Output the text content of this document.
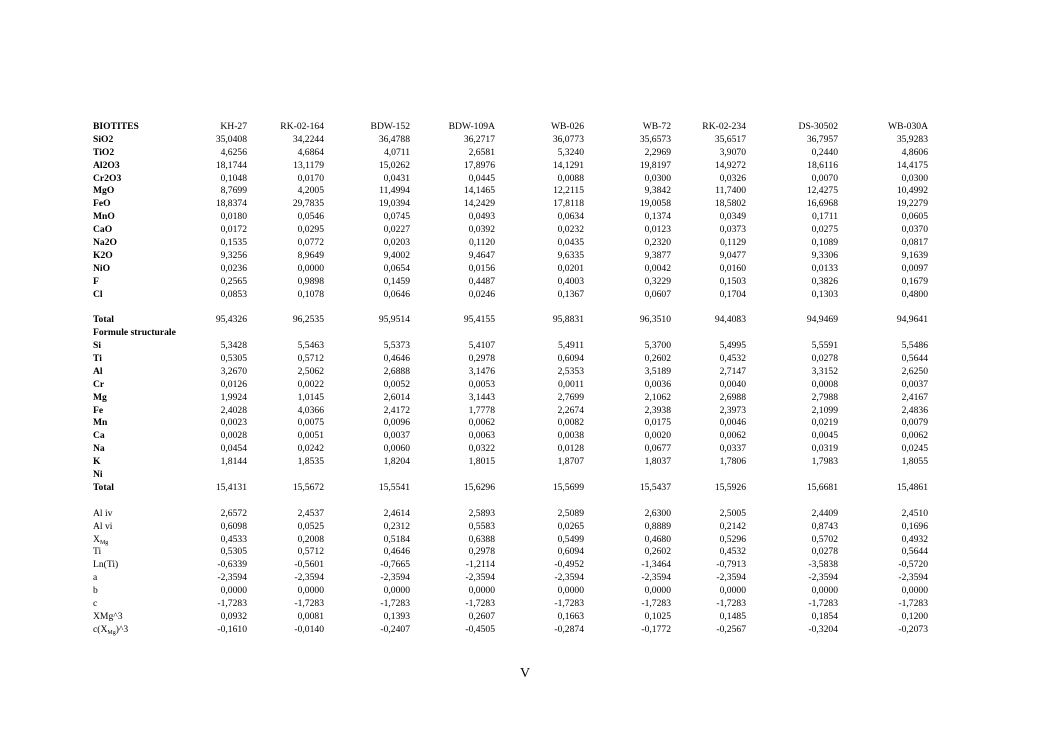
BIOTITES	KH-27	RK-02-164	BDW-152	BDW-109A	WB-026	WB-72	RK-02-234	DS-30502	WB-030A
SiO2	35,0408	34,2244	36,4788	36,2717	36,0773	35,6573	35,6517	36,7957	35,9283
TiO2	4,6256	4,6864	4,0711	2,6581	5,3240	2,2969	3,9070	0,2440	4,8606
Al2O3	18,1744	13,1179	15,0262	17,8976	14,1291	19,8197	14,9272	18,6116	14,4175
Cr2O3	0,1048	0,0170	0,0431	0,0445	0,0088	0,0300	0,0326	0,0070	0,0300
MgO	8,7699	4,2005	11,4994	14,1465	12,2115	9,3842	11,7400	12,4275	10,4992
FeO	18,8374	29,7835	19,0394	14,2429	17,8118	19,0058	18,5802	16,6968	19,2279
MnO	0,0180	0,0546	0,0745	0,0493	0,0634	0,1374	0,0349	0,1711	0,0605
CaO	0,0172	0,0295	0,0227	0,0392	0,0232	0,0123	0,0373	0,0275	0,0370
Na2O	0,1535	0,0772	0,0203	0,1120	0,0435	0,2320	0,1129	0,1089	0,0817
K2O	9,3256	8,9649	9,4002	9,4647	9,6335	9,3877	9,0477	9,3306	9,1639
NiO	0,0236	0,0000	0,0654	0,0156	0,0201	0,0042	0,0160	0,0133	0,0097
F	0,2565	0,9898	0,1459	0,4487	0,4003	0,3229	0,1503	0,3826	0,1679
Cl	0,0853	0,1078	0,0646	0,0246	0,1367	0,0607	0,1704	0,1303	0,4800
Total	95,4326	96,2535	95,9514	95,4155	95,8831	96,3510	94,4083	94,9469	94,9641
Formule structurale
Si	5,3428	5,5463	5,5373	5,4107	5,4911	5,3700	5,4995	5,5591	5,5486
Ti	0,5305	0,5712	0,4646	0,2978	0,6094	0,2602	0,4532	0,0278	0,5644
Al	3,2670	2,5062	2,6888	3,1476	2,5353	3,5189	2,7147	3,3152	2,6250
Cr	0,0126	0,0022	0,0052	0,0053	0,0011	0,0036	0,0040	0,0008	0,0037
Mg	1,9924	1,0145	2,6014	3,1443	2,7699	2,1062	2,6988	2,7988	2,4167
Fe	2,4028	4,0366	2,4172	1,7778	2,2674	2,3938	2,3973	2,1099	2,4836
Mn	0,0023	0,0075	0,0096	0,0062	0,0082	0,0175	0,0046	0,0219	0,0079
Ca	0,0028	0,0051	0,0037	0,0063	0,0038	0,0020	0,0062	0,0045	0,0062
Na	0,0454	0,0242	0,0060	0,0322	0,0128	0,0677	0,0337	0,0319	0,0245
K	1,8144	1,8535	1,8204	1,8015	1,8707	1,8037	1,7806	1,7983	1,8055
Ni
Total	15,4131	15,5672	15,5541	15,6296	15,5699	15,5437	15,5926	15,6681	15,4861
Al iv	2,6572	2,4537	2,4614	2,5893	2,5089	2,6300	2,5005	2,4409	2,4510
Al vi	0,6098	0,0525	0,2312	0,5583	0,0265	0,8889	0,2142	0,8743	0,1696
$X_{Mg}$	0,4533	0,2008	0,5184	0,6388	0,5499	0,4680	0,5296	0,5702	0,4932
Ti	0,5305	0,5712	0,4646	0,2978	0,6094	0,2602	0,4532	0,0278	0,5644
Ln(Ti)	-0,6339	-0,5601	-0,7665	-1,2114	-0,4952	-1,3464	-0,7913	-3,5838	-0,5720
a	-2,3594	-2,3594	-2,3594	-2,3594	-2,3594	-2,3594	-2,3594	-2,3594	-2,3594
b	0,0000	0,0000	0,0000	0,0000	0,0000	0,0000	0,0000	0,0000	0,0000
c	-1,7283	-1,7283	-1,7283	-1,7283	-1,7283	-1,7283	-1,7283	-1,7283	-1,7283
XMg^3	0,0932	0,0081	0,1393	0,2607	0,1663	0,1025	0,1485	0,1854	0,1200
$c(X_{Mg})\^{}3$	-0,1610	-0,0140	-0,2407	-0,4505	-0,2874	-0,1772	-0,2567	-0,3204	-0,2073
V
